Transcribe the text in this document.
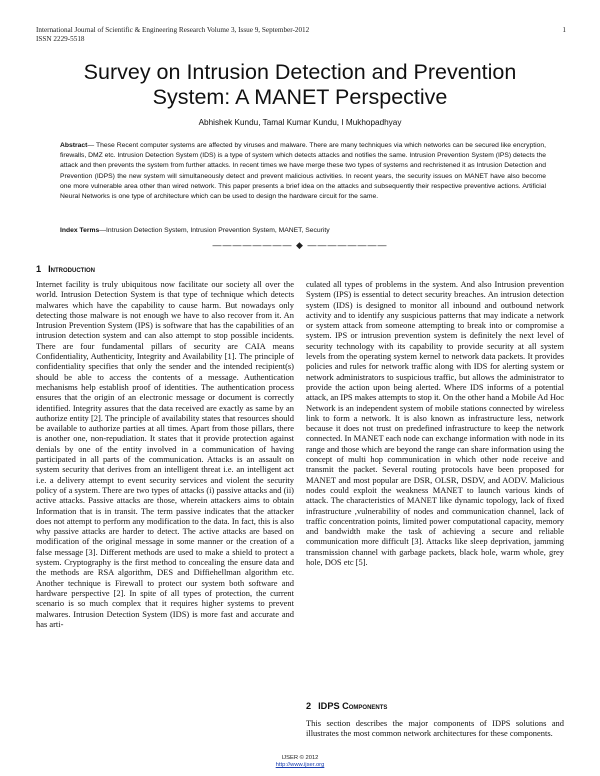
International Journal of Scientific & Engineering Research Volume 3, Issue 9, September-2012
ISSN 2229-5518
1
Survey on Intrusion Detection and Prevention
System: A MANET Perspective
Abhishek Kundu, Tamal Kumar Kundu, I Mukhopadhyay
Abstract— These Recent computer systems are affected by viruses and malware. There are many techniques via which networks can be secured like encryption, firewalls, DMZ etc. Intrusion Detection System (IDS) is a type of system which detects attacks and notifies the same. Intrusion Prevention System (IPS) detects the attack and then prevents the system from further attacks. In recent times we have merge these two types of systems and rechristened it as Intrusion Detection and Prevention (IDPS) the new system will simultaneously detect and prevent malicious activities. In recent years, the security issues on MANET have also become one more vulnerable area other than wired network. This paper presents a brief idea on the attacks and subsequently their respective preventive actions. Artificial Neural Networks is one type of architecture which can be used to design the hardware circuit for the same.
Index Terms—Intrusion Detection System, Intrusion Prevention System, MANET, Security
———————— ◆ ————————
1 Introduction
Internet facility is truly ubiquitous now facilitate our society all over the world. Intrusion Detection System is that type of technique which detects malwares which have the capability to cause harm. But nowadays only detecting those malware is not enough we have to also recover from it. An Intrusion Prevention System (IPS) is software that has the capabilities of an intrusion detection system and can also attempt to stop possible incidents. There are four fundamental pillars of security are CAIA means Confidentiality, Authenticity, Integrity and Availability [1]. The principle of confidentiality specifies that only the sender and the intended recipient(s) should be able to access the contents of a message. Authentication mechanisms help establish proof of identities. The authentication process ensures that the origin of an electronic message or document is correctly identified. Integrity assures that the data received are exactly as same by an authorize entity [2]. The principle of availability states that resources should be available to authorize parties at all times. Apart from those pillars, there is another one, non-repudiation. It states that it provide protection against denials by one of the entity involved in a communication of having participated in all parts of the communication. Attacks is an assault on system security that derives from an intelligent threat i.e. an intelligent act i.e. a delivery attempt to event security services and violent the security policy of a system. There are two types of attacks (i) passive attacks and (ii) active attacks. Passive attacks are those, wherein attackers aims to obtain Information that is in transit. The term passive indicates that the attacker does not attempt to perform any modification to the data. In fact, this is also why passive attacks are harder to detect. The active attacks are based on modification of the original message in some manner or the creation of a false message [3]. Different methods are used to make a shield to protect a system. Cryptography is the first method to concealing the ensure data and the methods are RSA algorithm, DES and Diffiehellman algorithm etc. Another technique is Firewall to protect our system both software and hardware perspective [2]. In spite of all types of protection, the current scenario is so much complex that it requires higher systems to prevent malwares. Intrusion Detection System (IDS) is more fast and accurate and has arti-
culated all types of problems in the system. And also Intrusion prevention System (IPS) is essential to detect security breaches. An intrusion detection system (IDS) is designed to monitor all inbound and outbound network activity and to identify any suspicious patterns that may indicate a network or system attack from someone attempting to break into or compromise a system. IPS or intrusion prevention system is definitely the next level of security technology with its capability to provide security at all system levels from the operating system kernel to network data packets. It provides policies and rules for network traffic along with IDS for alerting system or network administrators to suspicious traffic, but allows the administrator to provide the action upon being alerted. Where IDS informs of a potential attack, an IPS makes attempts to stop it. On the other hand a Mobile Ad Hoc Network is an independent system of mobile stations connected by wireless link to form a network. It is also known as infrastructure less, network because it does not trust on predefined infrastructure to keep the network connected. In MANET each node can exchange information with node in its range and those which are beyond the range can share information using the concept of multi hop communication in which other node receive and transmit the packet. Several routing protocols have been proposed for MANET and most popular are DSR, OLSR, DSDV, and AODV. Malicious nodes could exploit the weakness MANET to launch various kinds of attack. The characteristics of MANET like dynamic topology, lack of fixed infrastructure ,vulnerability of nodes and communication channel, lack of traffic concentration points, limited power computational capacity, memory and bandwidth make the task of achieving a secure and reliable communication more difficult [3]. Attacks like sleep deprivation, jamming transmission channel with garbage packets, black hole, warm whole, grey hole, DOS etc [5].
2 IDPS Components
This section describes the major components of IDPS solutions and illustrates the most common network architectures for these components.
IJSER © 2012
http://www.ijser.org
